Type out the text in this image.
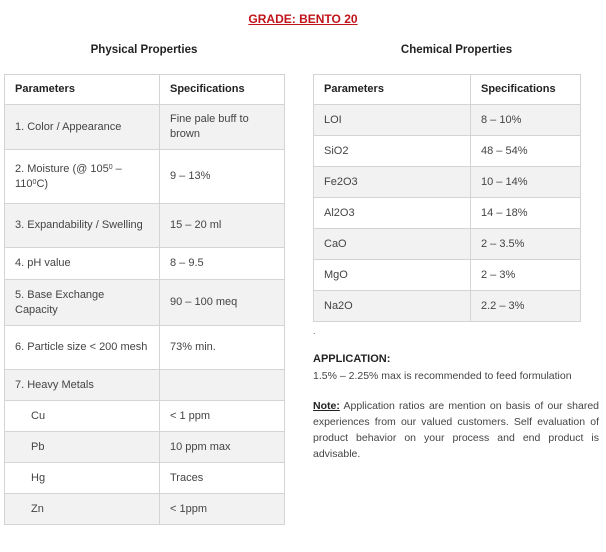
GRADE: BENTO 20
Physical Properties	Chemical Properties
Parameters	Specifications
1. Color / Appearance	Fine pale buff to brown
2. Moisture (@ $105^0 - 110^0C$)	9 – 13%
3. Expandability / Swelling	15 – 20 ml
4. pH value	8 – 9.5
5. Base Exchange Capacity	90 – 100 meq
6. Particle size < 200 mesh	73% min.
7. Heavy Metals	
Cu	< 1 ppm
Pb	10 ppm max
Hg	Traces
Zn	< 1ppm
Parameters	Specifications
LOI	8 – 10%
SiO2	48 – 54%
Fe2O3	10 – 14%
Al2O3	14 – 18%
CaO	2 – 3.5%
MgO	2 – 3%
Na2O	2.2 – 3%
.
APPLICATION:
1.5% – 2.25% max is recommended to feed formulation
Note: Application ratios are mention on basis of our shared experiences from our valued customers. Self evaluation of product behavior on your process and end product is advisable.
